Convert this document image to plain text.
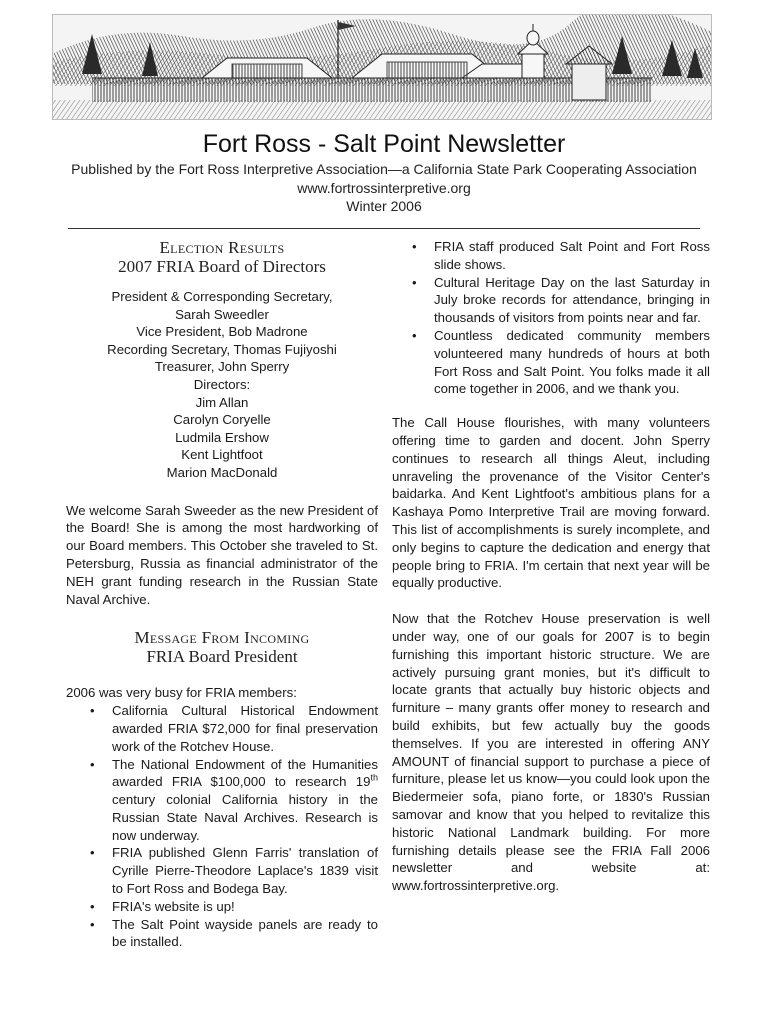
Fort Ross - Salt Point Newsletter
Published by the Fort Ross Interpretive Association—a California State Park Cooperating Association
www.fortrossinterpretive.org
Winter 2006
Election Results
2007 FRIA Board of Directors
President & Corresponding Secretary,
Sarah Sweedler
Vice President, Bob Madrone
Recording Secretary, Thomas Fujiyoshi
Treasurer, John Sperry
Directors:
Jim Allan
Carolyn Coryelle
Ludmila Ershow
Kent Lightfoot
Marion MacDonald

We welcome Sarah Sweeder as the new President of the Board! She is among the most hardworking of our Board members. This October she traveled to St. Petersburg, Russia as financial administrator of the NEH grant funding research in the Russian State Naval Archive.

Message From Incoming
FRIA Board President

2006 was very busy for FRIA members:

• California Cultural Historical Endowment awarded FRIA $72,000 for final preservation work of the Rotchev House.
• The National Endowment of the Humanities awarded FRIA $100,000 to research 19th century colonial California history in the Russian State Naval Archives. Research is now underway.
• FRIA published Glenn Farris' translation of Cyrille Pierre-Theodore Laplace's 1839 visit to Fort Ross and Bodega Bay.
• FRIA's website is up!
• The Salt Point wayside panels are ready to be installed.
• FRIA staff produced Salt Point and Fort Ross slide shows.
• Cultural Heritage Day on the last Saturday in July broke records for attendance, bringing in thousands of visitors from points near and far.
• Countless dedicated community members volunteered many hundreds of hours at both Fort Ross and Salt Point. You folks made it all come together in 2006, and we thank you.

The Call House flourishes, with many volunteers offering time to garden and docent. John Sperry continues to research all things Aleut, including unraveling the provenance of the Visitor Center's baidarka. And Kent Lightfoot's ambitious plans for a Kashaya Pomo Interpretive Trail are moving forward. This list of accomplishments is surely incomplete, and only begins to capture the dedication and energy that people bring to FRIA. I'm certain that next year will be equally productive.

Now that the Rotchev House preservation is well under way, one of our goals for 2007 is to begin furnishing this important historic structure. We are actively pursuing grant monies, but it's difficult to locate grants that actually buy historic objects and furniture – many grants offer money to research and build exhibits, but few actually buy the goods themselves. If you are interested in offering ANY AMOUNT of financial support to purchase a piece of furniture, please let us know—you could look upon the Biedermeier sofa, piano forte, or 1830's Russian samovar and know that you helped to revitalize this historic National Landmark building. For more furnishing details please see the FRIA Fall 2006 newsletter and website at: www.fortrossinterpretive.org.
